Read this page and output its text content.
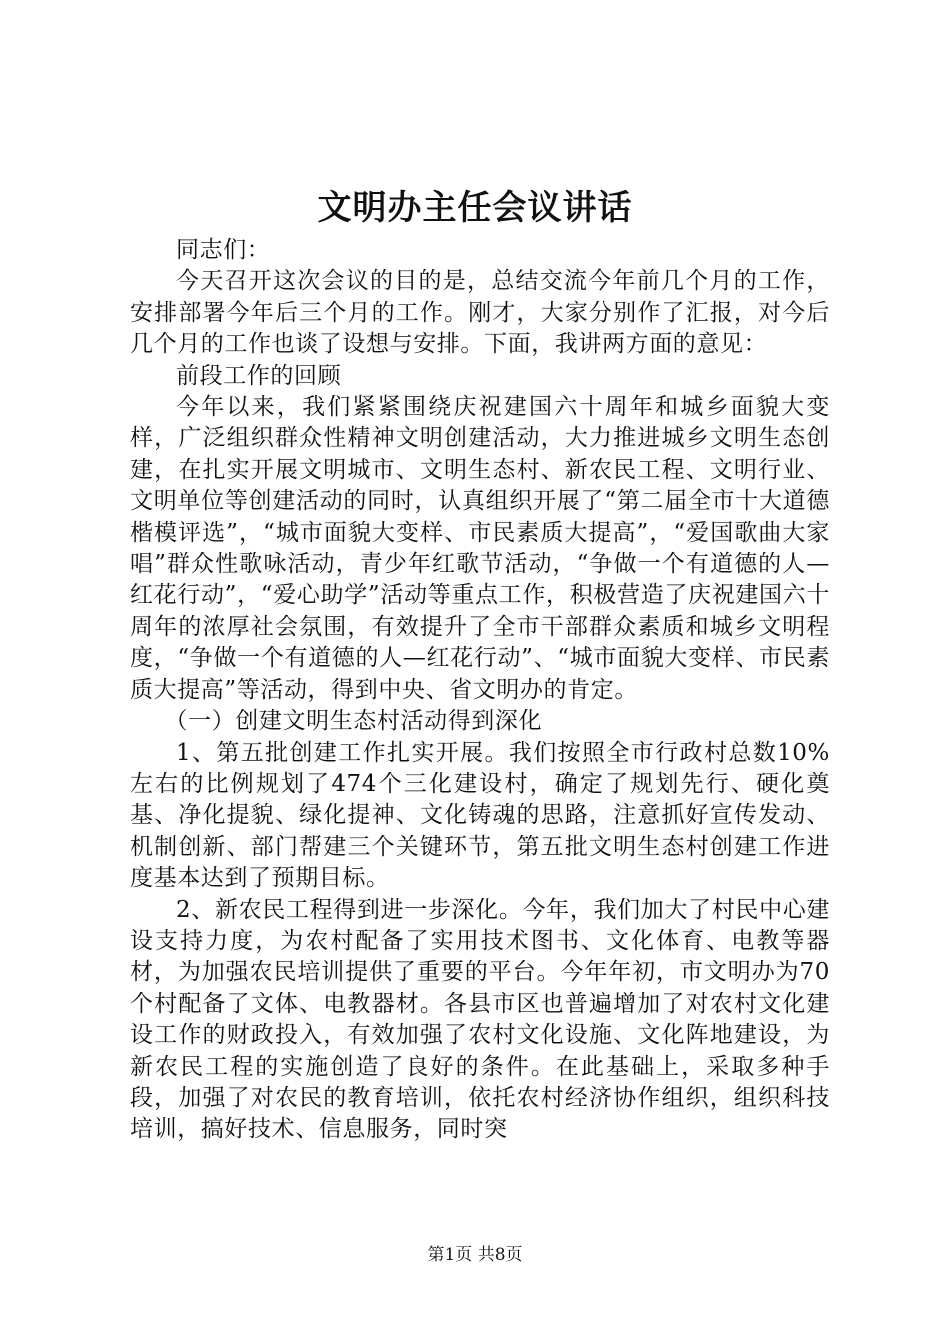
文明办主任会议讲话

同志们：

今天召开这次会议的目的是，总结交流今年前几个月的工作，安排部署今年后三个月的工作。刚才，大家分别作了汇报，对今后几个月的工作也谈了设想与安排。下面，我讲两方面的意见：

前段工作的回顾

今年以来，我们紧紧围绕庆祝建国六十周年和城乡面貌大变样，广泛组织群众性精神文明创建活动，大力推进城乡文明生态创建，在扎实开展文明城市、文明生态村、新农民工程、文明行业、文明单位等创建活动的同时，认真组织开展了“第二届全市十大道德楷模评选”，“城市面貌大变样、市民素质大提高”，“爱国歌曲大家唱”群众性歌咏活动，青少年红歌节活动，“争做一个有道德的人—红花行动”，“爱心助学”活动等重点工作，积极营造了庆祝建国六十周年的浓厚社会氛围，有效提升了全市干部群众素质和城乡文明程度，“争做一个有道德的人—红花行动”、“城市面貌大变样、市民素质大提高”等活动，得到中央、省文明办的肯定。

（一）创建文明生态村活动得到深化

1、第五批创建工作扎实开展。我们按照全市行政村总数10%左右的比例规划了474个三化建设村，确定了规划先行、硬化奠基、净化提貌、绿化提神、文化铸魂的思路，注意抓好宣传发动、机制创新、部门帮建三个关键环节，第五批文明生态村创建工作进度基本达到了预期目标。

2、新农民工程得到进一步深化。今年，我们加大了村民中心建设支持力度，为农村配备了实用技术图书、文化体育、电教等器材，为加强农民培训提供了重要的平台。今年年初，市文明办为70个村配备了文体、电教器材。各县市区也普遍增加了对农村文化建设工作的财政投入，有效加强了农村文化设施、文化阵地建设，为新农民工程的实施创造了良好的条件。在此基础上，采取多种手段，加强了对农民的教育培训，依托农村经济协作组织，组织科技培训，搞好技术、信息服务，同时突

第1页 共8页
